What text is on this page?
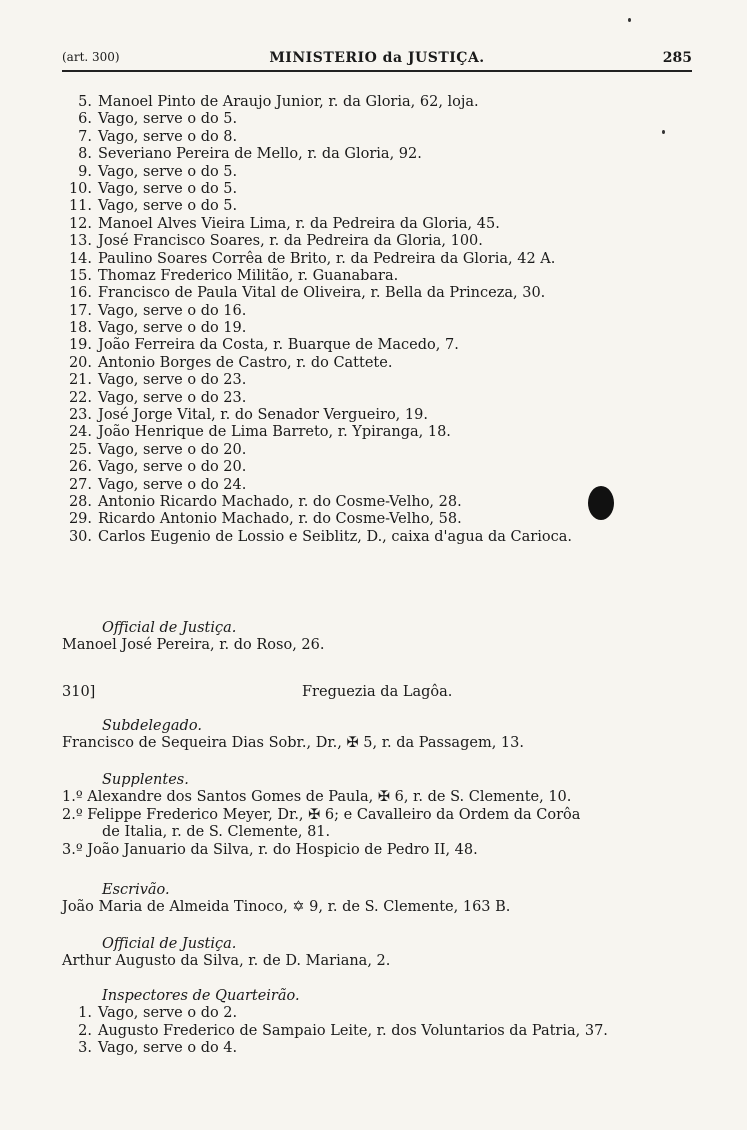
(art. 300)	MINISTERIO da JUSTIÇA.	285
5. Manoel Pinto de Araujo Junior, r. da Gloria, 62, loja.
6. Vago, serve o do 5.
7. Vago, serve o do 8.
8. Severiano Pereira de Mello, r. da Gloria, 92.
9. Vago, serve o do 5.
10. Vago, serve o do 5.
11. Vago, serve o do 5.
12. Manoel Alves Vieira Lima, r. da Pedreira da Gloria, 45.
13. José Francisco Soares, r. da Pedreira da Gloria, 100.
14. Paulino Soares Corrêa de Brito, r. da Pedreira da Gloria, 42 A.
15. Thomaz Frederico Militão, r. Guanabara.
16. Francisco de Paula Vital de Oliveira, r. Bella da Princeza, 30.
17. Vago, serve o do 16.
18. Vago, serve o do 19.
19. João Ferreira da Costa, r. Buarque de Macedo, 7.
20. Antonio Borges de Castro, r. do Cattete.
21. Vago, serve o do 23.
22. Vago, serve o do 23.
23. José Jorge Vital, r. do Senador Vergueiro, 19.
24. João Henrique de Lima Barreto, r. Ypiranga, 18.
25. Vago, serve o do 20.
26. Vago, serve o do 20.
27. Vago, serve o do 24.
28. Antonio Ricardo Machado, r. do Cosme-Velho, 28.
29. Ricardo Antonio Machado, r. do Cosme-Velho, 58.
30. Carlos Eugenio de Lossio e Seiblitz, D., caixa d'agua da Carioca.
Official de Justiça.
Manoel José Pereira, r. do Roso, 26.
310]	Freguezia da Lagôa.
Subdelegado.
Francisco de Sequeira Dias Sobr., Dr., ✠ 5, r. da Passagem, 13.
Supplentes.
1.º Alexandre dos Santos Gomes de Paula, ✠ 6, r. de S. Clemente, 10.
2.º Felippe Frederico Meyer, Dr., ✠ 6; e Cavalleiro da Ordem da Corôa
de Italia, r. de S. Clemente, 81.
3.º João Januario da Silva, r. do Hospicio de Pedro II, 48.
Escrivão.
João Maria de Almeida Tinoco, ✡ 9, r. de S. Clemente, 163 B.
Official de Justiça.
Arthur Augusto da Silva, r. de D. Mariana, 2.
Inspectores de Quarteirão.
1. Vago, serve o do 2.
2. Augusto Frederico de Sampaio Leite, r. dos Voluntarios da Patria, 37.
3. Vago, serve o do 4.
